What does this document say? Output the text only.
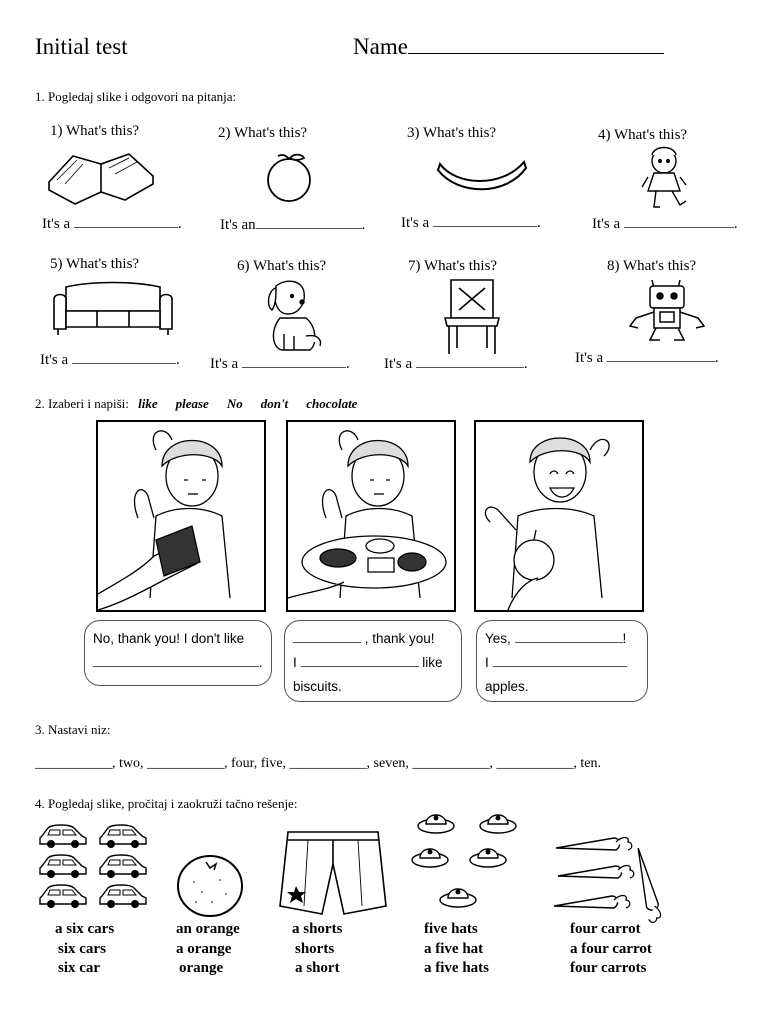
Initial test	Name
1. Pogledaj slike i odgovori na pitanja:
1) What's this?	2) What's this?	3) What's this?	4) What's this?
It's a	.	It's an	. It's a	.	It's a	.
5) What's this?	6) What's this?	7) What's this?	8) What's this?
It's a	. It's a	. It's a	.	It's a	.
2. Izaberi i napiši: like please No don't chocolate
No, thank you! I don't like
.
, thank you!
I	like
biscuits.
Yes,	!
I
apples.
3. Nastavi niz:
___________, two, ___________, four, five, ___________, seven, ___________, ___________, ten.
4. Pogledaj slike, pročitaj i zaokruži tačno rešenje:
a six cars
six cars
six car
an orange
a orange
orange
a shorts
shorts
a short
five hats
a five hat
a five hats
four carrot
a four carrot
four carrots
